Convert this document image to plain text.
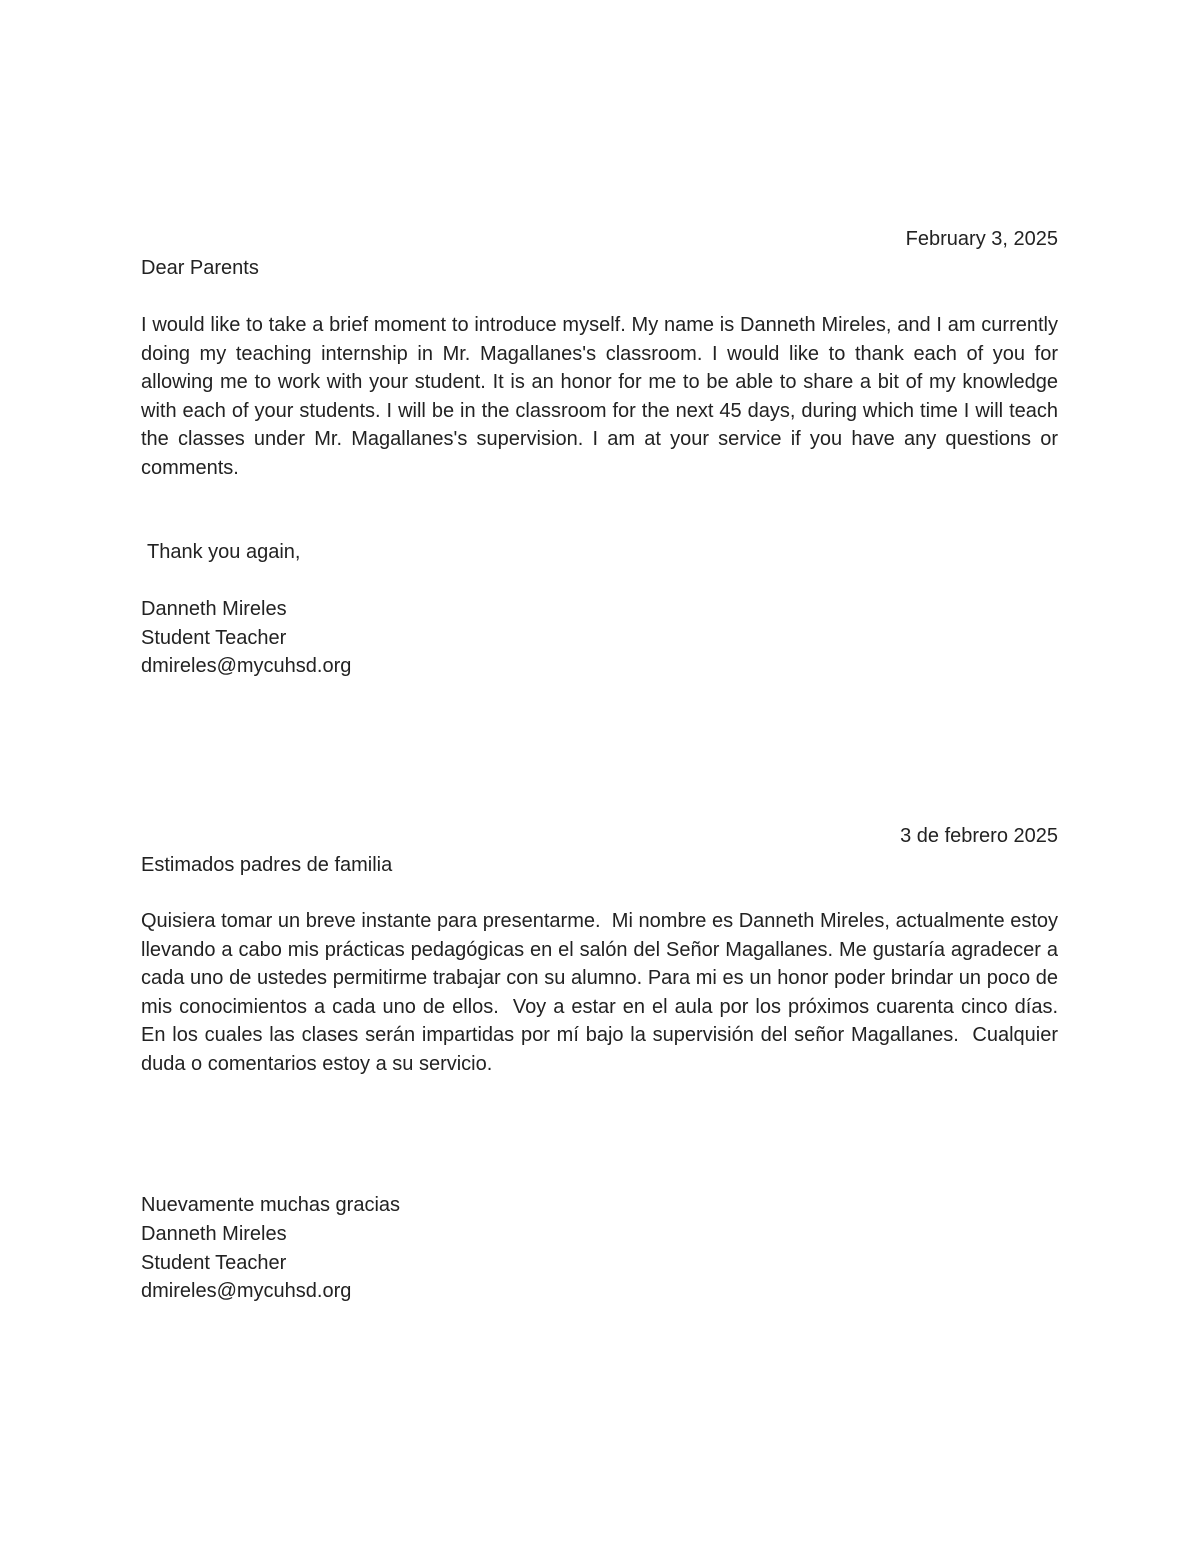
February 3, 2025
Dear Parents

I would like to take a brief moment to introduce myself. My name is Danneth Mireles, and I am currently doing my teaching internship in Mr. Magallanes's classroom. I would like to thank each of you for allowing me to work with your student. It is an honor for me to be able to share a bit of my knowledge with each of your students. I will be in the classroom for the next 45 days, during which time I will teach the classes under Mr. Magallanes's supervision. I am at your service if you have any questions or comments.

Thank you again,
Danneth Mireles
Student Teacher
dmireles@mycuhsd.org
3 de febrero 2025
Estimados padres de familia

Quisiera tomar un breve instante para presentarme.  Mi nombre es Danneth Mireles, actualmente estoy llevando a cabo mis prácticas pedagógicas en el salón del Señor Magallanes. Me gustaría agradecer a cada uno de ustedes permitirme trabajar con su alumno. Para mi es un honor poder brindar un poco de mis conocimientos a cada uno de ellos.  Voy a estar en el aula por los próximos cuarenta cinco días.  En los cuales las clases serán impartidas por mí bajo la supervisión del señor Magallanes.  Cualquier duda o comentarios estoy a su servicio.

Nuevamente muchas gracias
Danneth Mireles
Student Teacher
dmireles@mycuhsd.org
